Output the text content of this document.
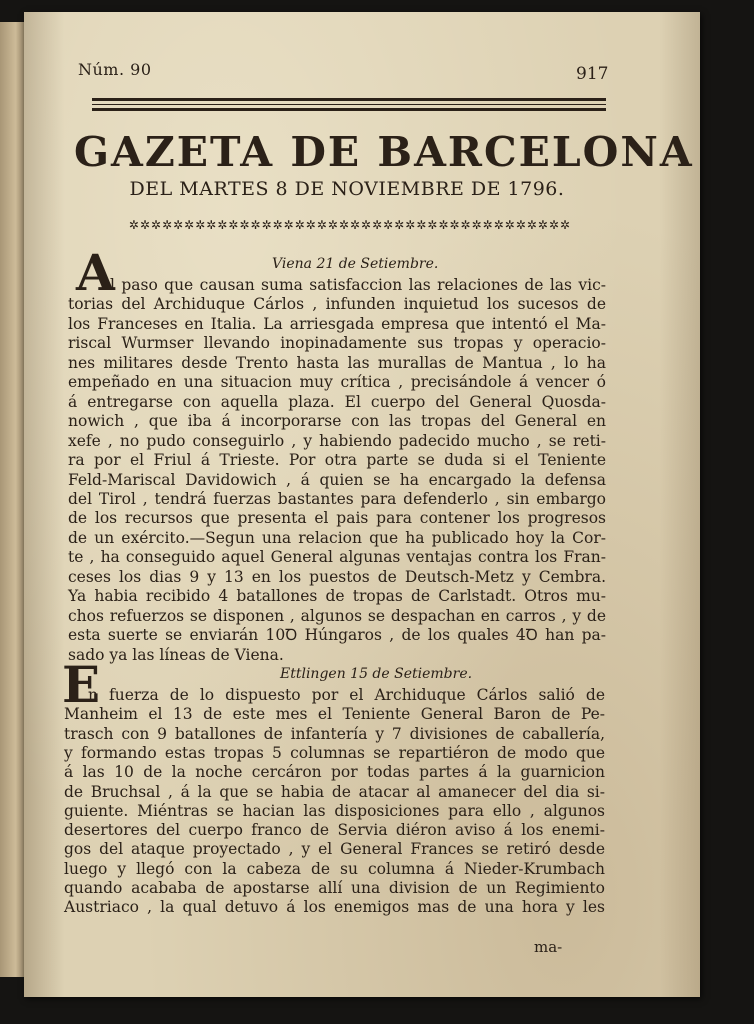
Núm. 90	917
GAZETA DE BARCELONA
DEL MARTES 8 DE NOVIEMBRE DE 1796.
✲✲✲✲✲✲✲✲✲✲✲✲✲✲✲✲✲✲✲✲✲✲✲✲✲✲✲✲✲✲✲✲✲✲✲✲✲✲✲✲
Viena 21 de Setiembre.
A
l paso que causan suma satisfaccion las relaciones de las vic-
torias del Archiduque Cárlos , infunden inquietud los sucesos de
los Franceses en Italia. La arriesgada empresa que intentó el Ma-
riscal Wurmser llevando inopinadamente sus tropas y operacio-
nes militares desde Trento hasta las murallas de Mantua , lo ha
empeñado en una situacion muy crítica , precisándole á vencer ó
á entregarse con aquella plaza. El cuerpo del General Quosda-
nowich , que iba á incorporarse con las tropas del General en
xefe , no pudo conseguirlo , y habiendo padecido mucho , se reti-
ra por el Friul á Trieste. Por otra parte se duda si el Teniente
Feld-Mariscal Davidowich , á quien se ha encargado la defensa
del Tirol , tendrá fuerzas bastantes para defenderlo , sin embargo
de los recursos que presenta el pais para contener los progresos
de un exército.—Segun una relacion que ha publicado hoy la Cor-
te , ha conseguido aquel General algunas ventajas contra los Fran-
ceses los dias 9 y 13 en los puestos de Deutsch-Metz y Cembra.
Ya habia recibido 4 batallones de tropas de Carlstadt. Otros mu-
chos refuerzos se disponen , algunos se despachan en carros , y de
esta suerte se enviarán 10Ꝺ Húngaros , de los quales 4Ꝺ han pa-
sado ya las líneas de Viena.
Ettlingen 15 de Setiembre.
E
n fuerza de lo dispuesto por el Archiduque Cárlos salió de
Manheim el 13 de este mes el Teniente General Baron de Pe-
trasch con 9 batallones de infantería y 7 divisiones de caballería,
y formando estas tropas 5 columnas se repartiéron de modo que
á las 10 de la noche cercáron por todas partes á la guarnicion
de Bruchsal , á la que se habia de atacar al amanecer del dia si-
guiente. Miéntras se hacian las disposiciones para ello , algunos
desertores del cuerpo franco de Servia diéron aviso á los enemi-
gos del ataque proyectado , y el General Frances se retiró desde
luego y llegó con la cabeza de su columna á Nieder-Krumbach
quando acababa de apostarse allí una division de un Regimiento
Austriaco , la qual detuvo á los enemigos mas de una hora y les
ma-
